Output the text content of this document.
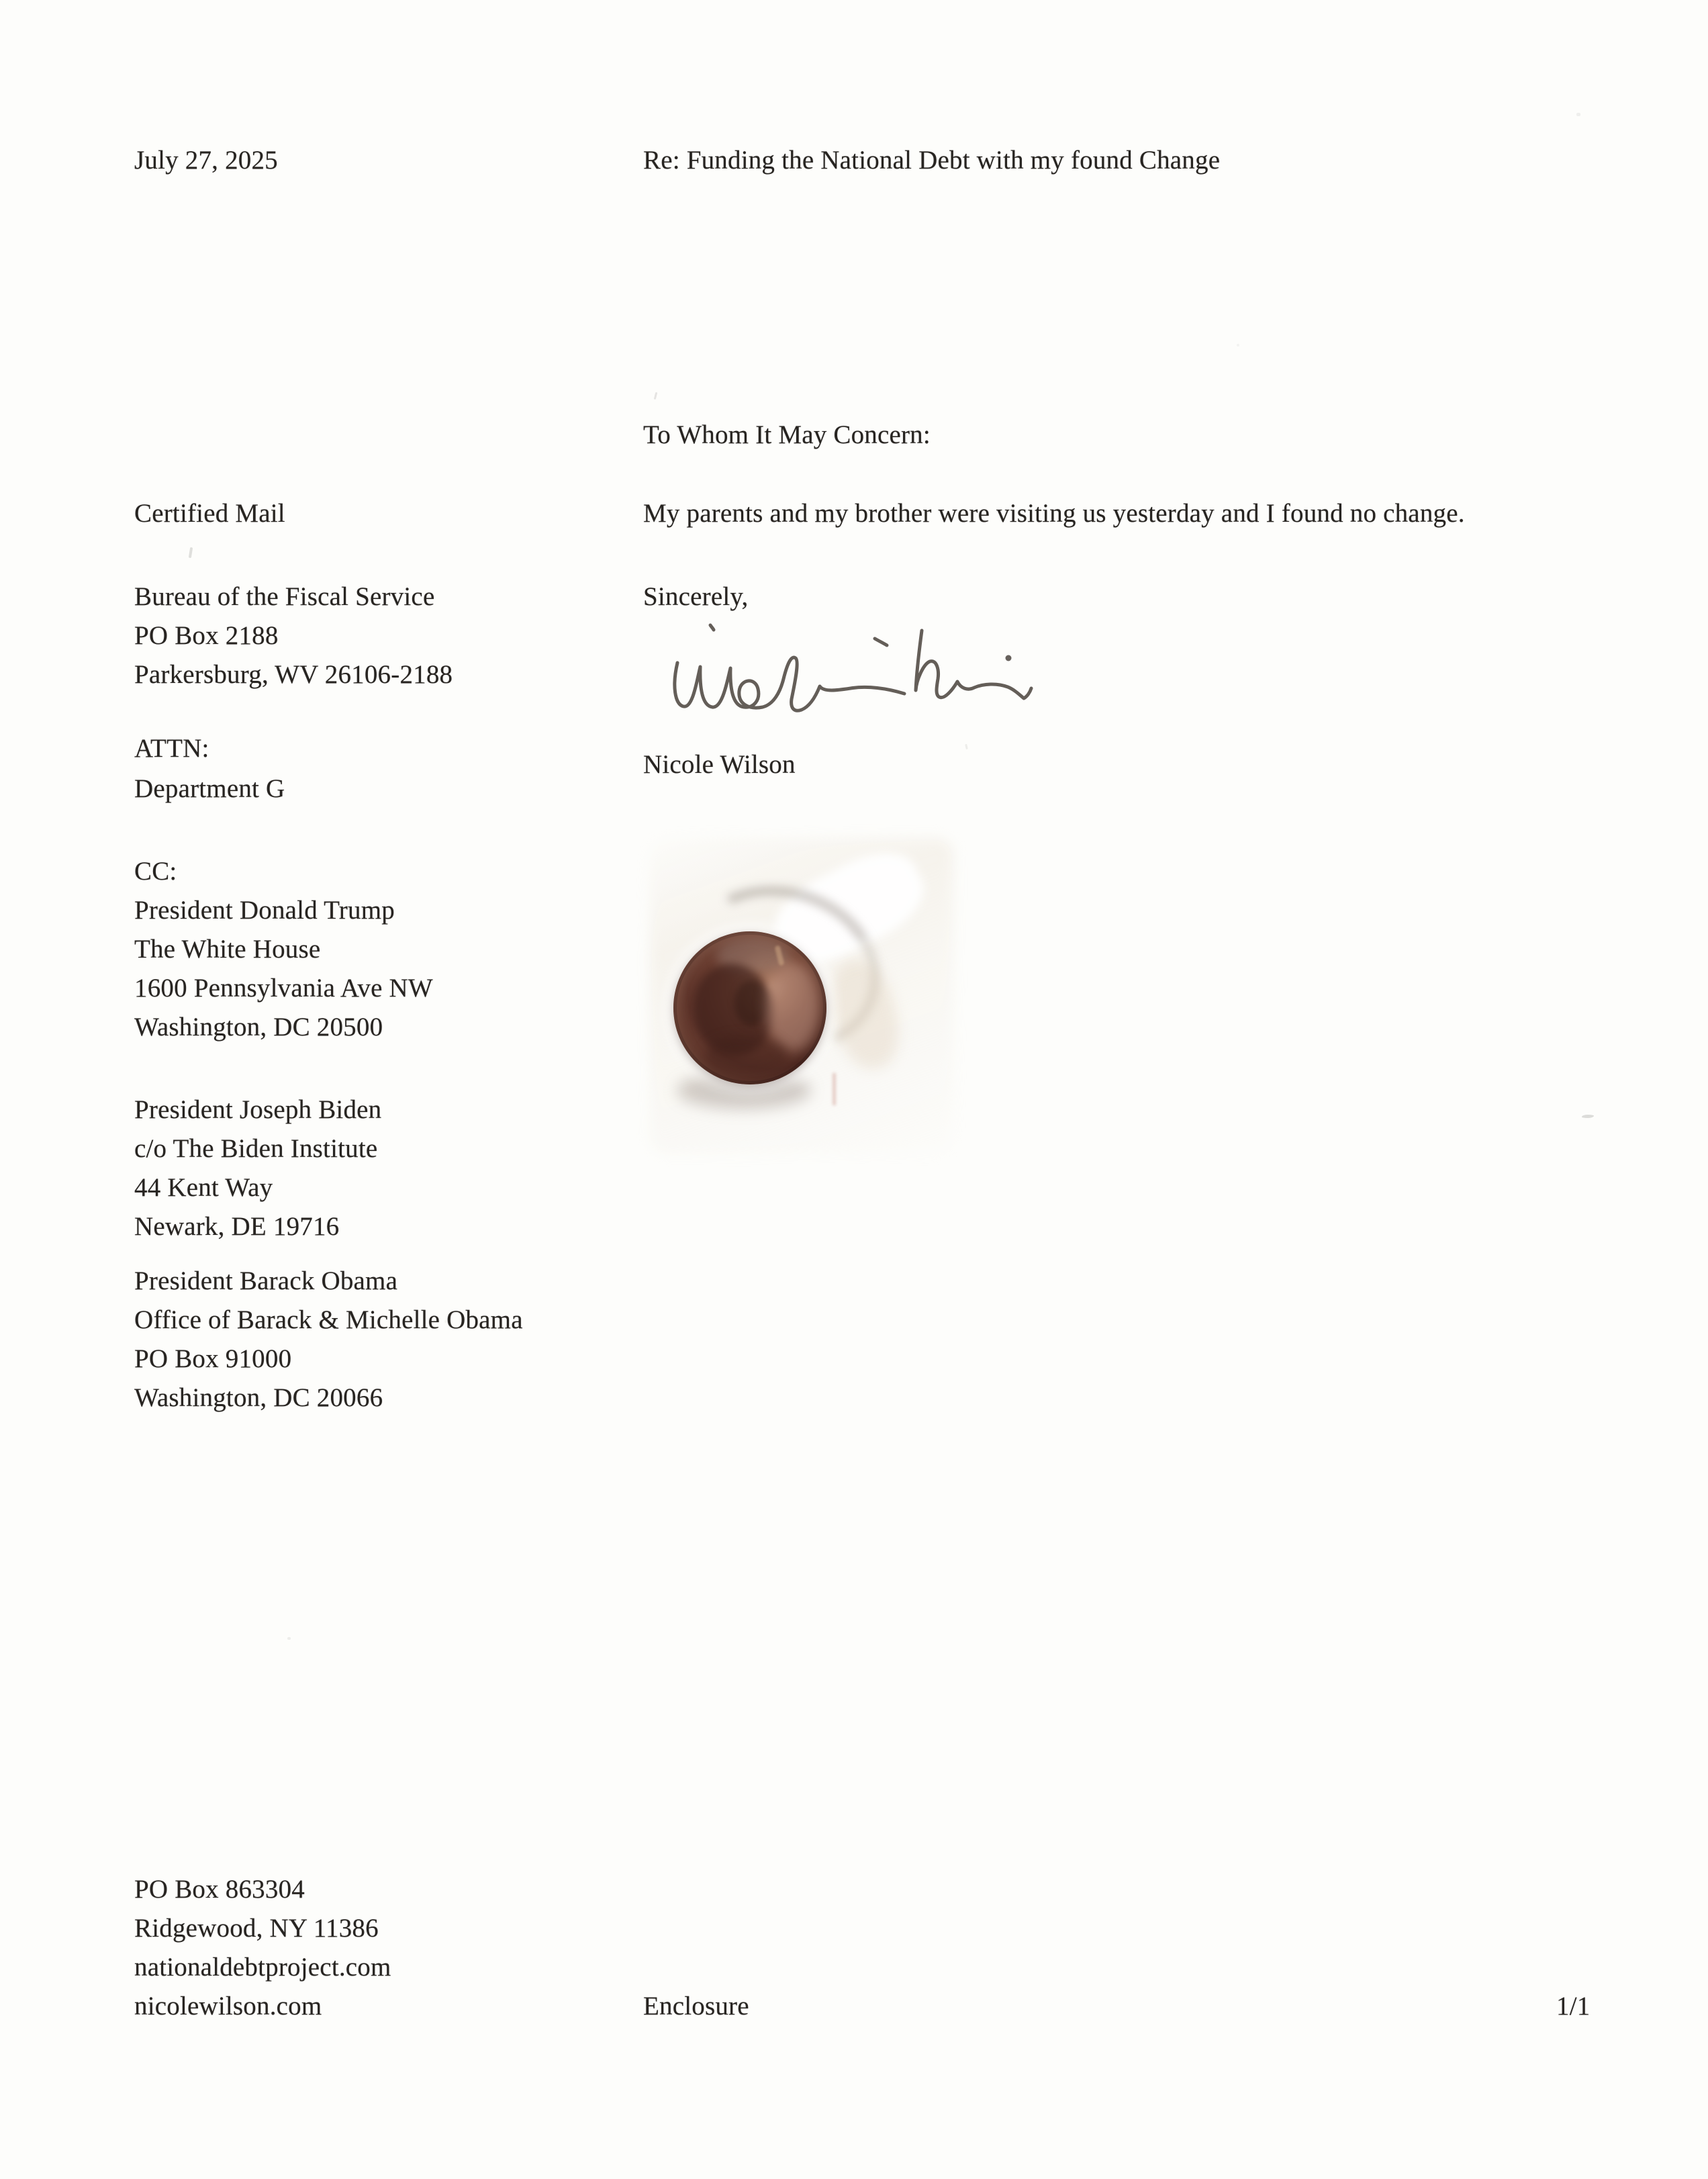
July 27, 2025	Re: Funding the National Debt with my found Change
To Whom It May Concern:
My parents and my brother were visiting us yesterday and I found no change.
Sincerely,
Nicole Wilson
Certified Mail
Bureau of the Fiscal Service
PO Box 2188
Parkersburg, WV 26106-2188
ATTN:
Department G
CC:
President Donald Trump
The White House
1600 Pennsylvania Ave NW
Washington, DC 20500
President Joseph Biden
c/o The Biden Institute
44 Kent Way
Newark, DE 19716
President Barack Obama
Office of Barack & Michelle Obama
PO Box 91000
Washington, DC 20066
PO Box 863304
Ridgewood, NY 11386
nationaldebtproject.com
nicolewilson.com	Enclosure	1/1
